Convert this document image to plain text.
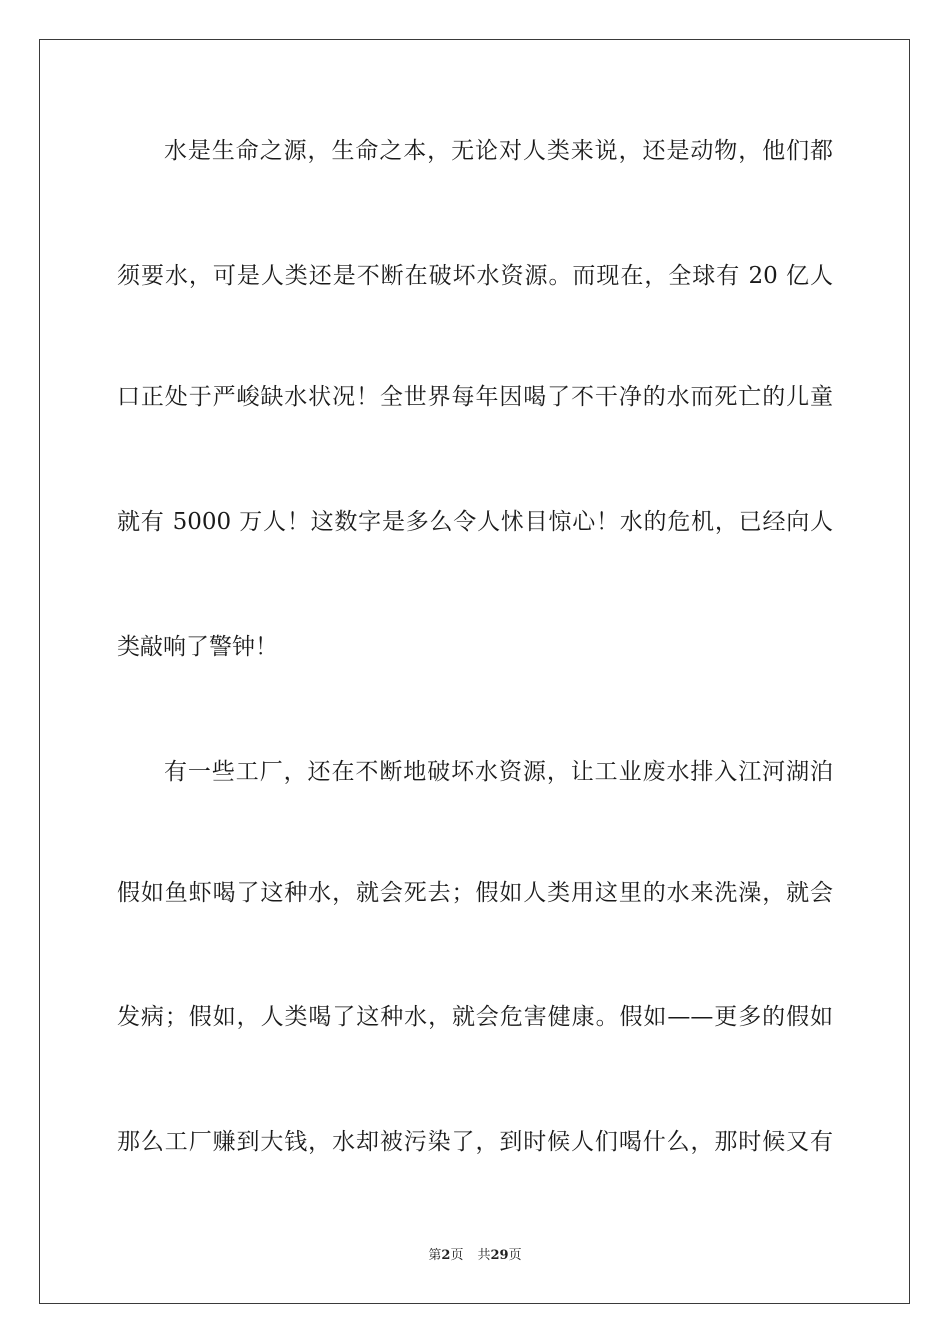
水是生命之源，生命之本，无论对人类来说，还是动物，他们都
须要水，可是人类还是不断在破坏水资源。而现在，全球有 20 亿人
口正处于严峻缺水状况！全世界每年因喝了不干净的水而死亡的儿童
就有 5000 万人！这数字是多么令人怵目惊心！水的危机，已经向人
类敲响了警钟！
有一些工厂，还在不断地破坏水资源，让工业废水排入江河湖泊
假如鱼虾喝了这种水，就会死去；假如人类用这里的水来洗澡，就会
发病；假如，人类喝了这种水，就会危害健康。假如——更多的假如
那么工厂赚到大钱，水却被污染了，到时候人们喝什么，那时候又有
第2页 共29页
